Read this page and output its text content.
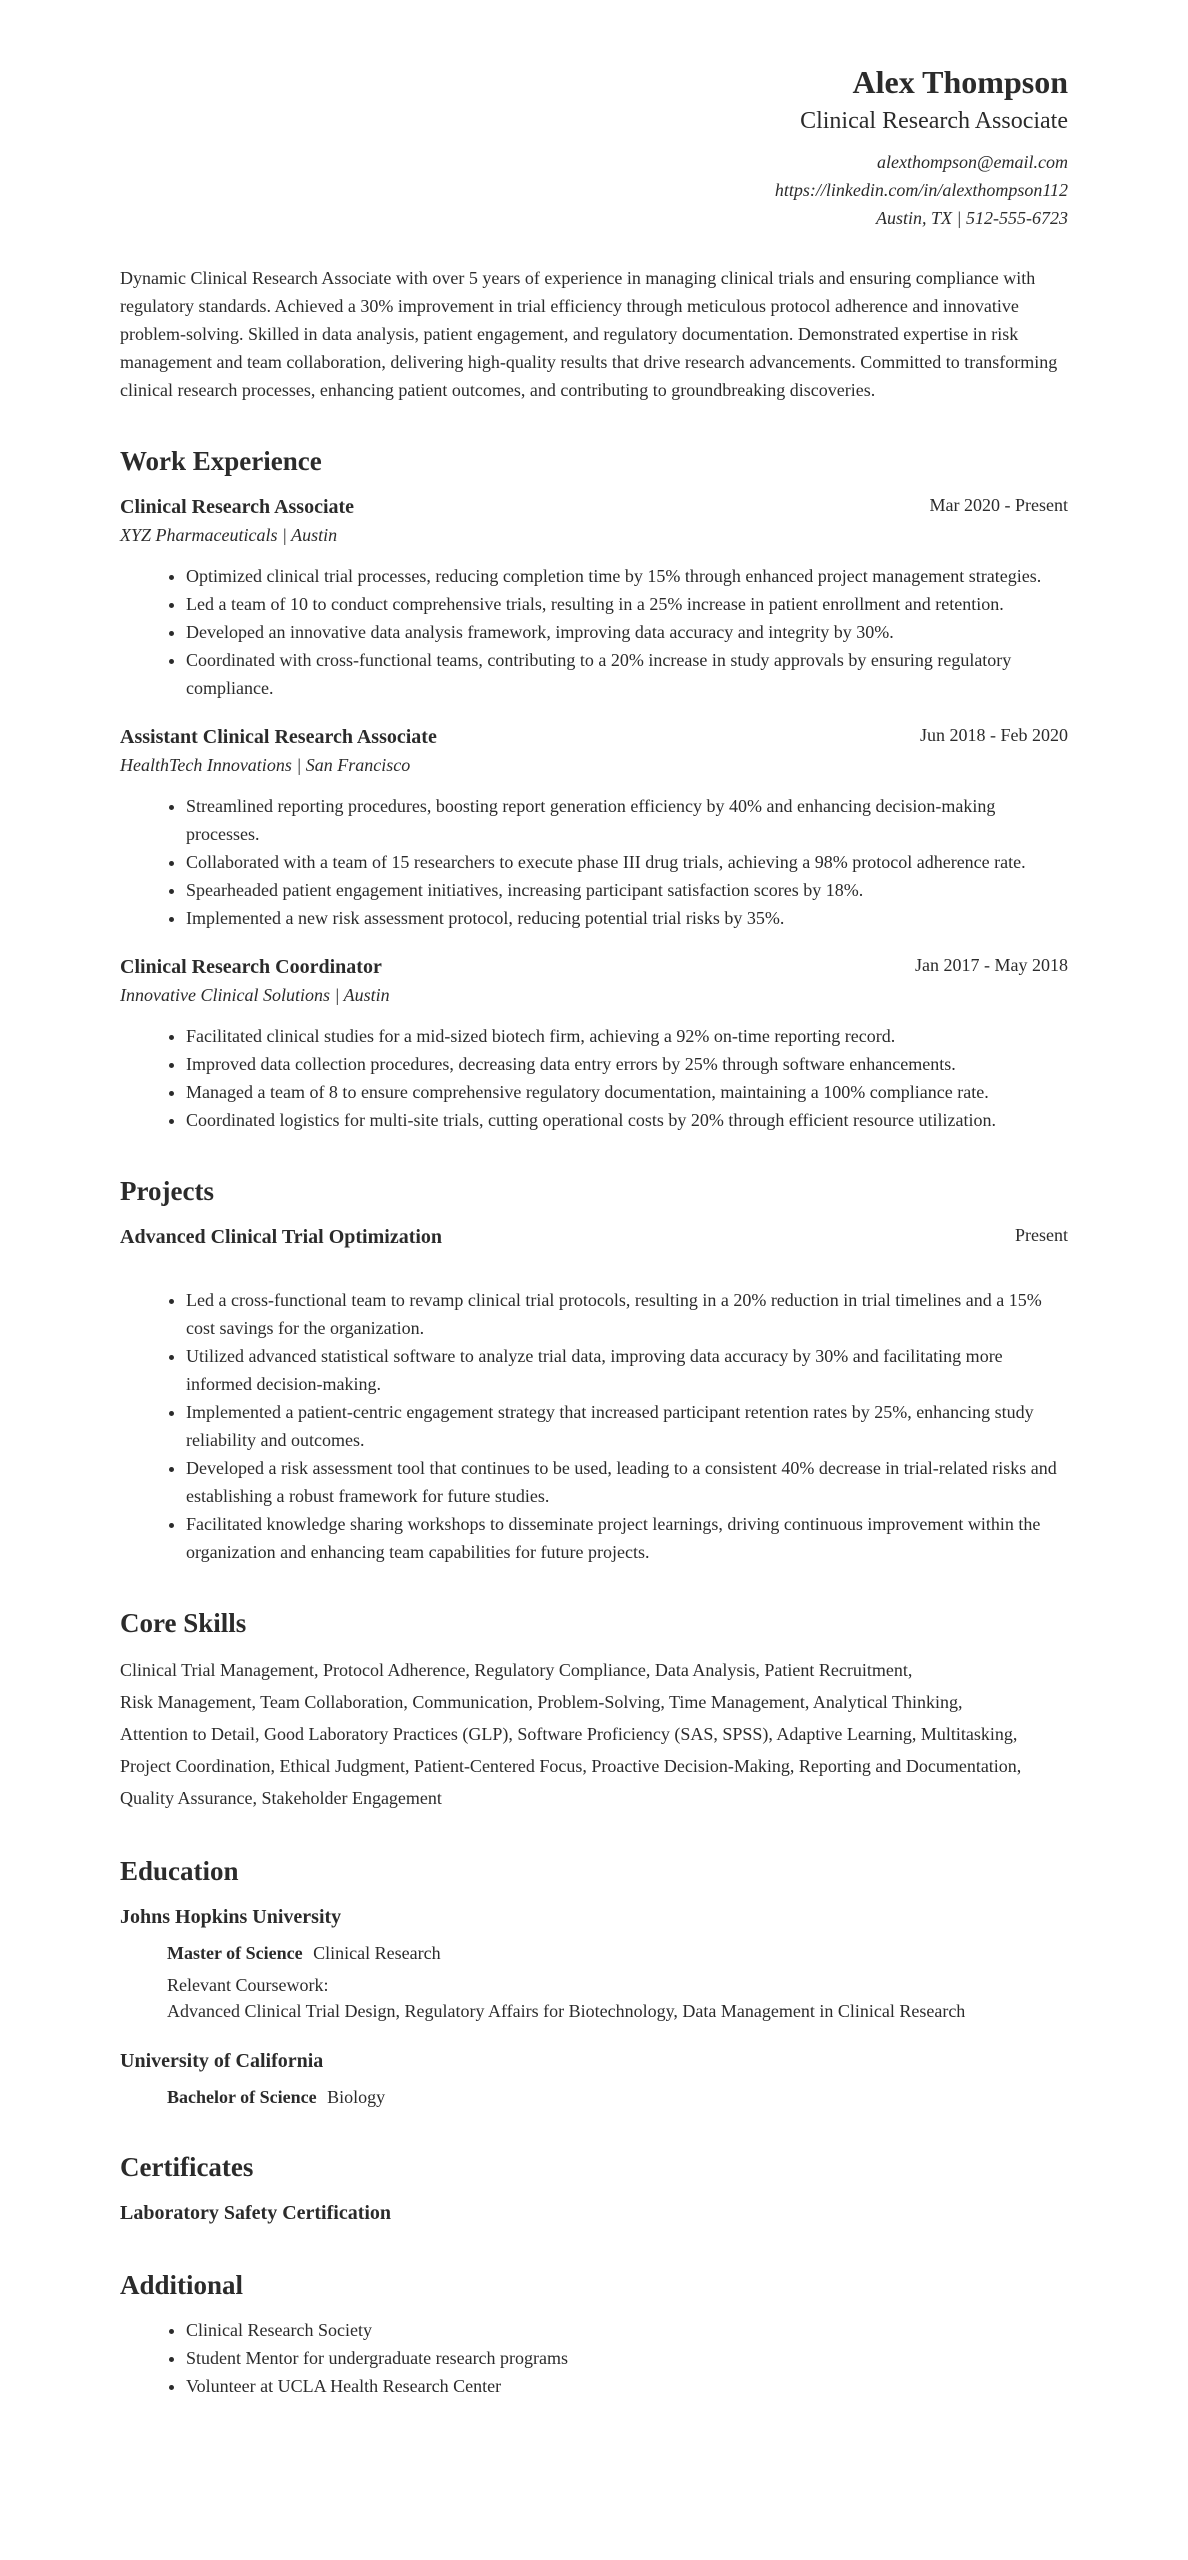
Alex Thompson
Clinical Research Associate
alexthompson@email.com
https://linkedin.com/in/alexthompson112
Austin, TX | 512-555-6723
Dynamic Clinical Research Associate with over 5 years of experience in managing clinical trials and ensuring compliance with regulatory standards. Achieved a 30% improvement in trial efficiency through meticulous protocol adherence and innovative problem-solving. Skilled in data analysis, patient engagement, and regulatory documentation. Demonstrated expertise in risk management and team collaboration, delivering high-quality results that drive research advancements. Committed to transforming clinical research processes, enhancing patient outcomes, and contributing to groundbreaking discoveries.
Work Experience
Clinical Research Associate	Mar 2020 - Present
XYZ Pharmaceuticals | Austin
• Optimized clinical trial processes, reducing completion time by 15% through enhanced project management strategies.
• Led a team of 10 to conduct comprehensive trials, resulting in a 25% increase in patient enrollment and retention.
• Developed an innovative data analysis framework, improving data accuracy and integrity by 30%.
• Coordinated with cross-functional teams, contributing to a 20% increase in study approvals by ensuring regulatory compliance.
Assistant Clinical Research Associate	Jun 2018 - Feb 2020
HealthTech Innovations | San Francisco
• Streamlined reporting procedures, boosting report generation efficiency by 40% and enhancing decision-making processes.
• Collaborated with a team of 15 researchers to execute phase III drug trials, achieving a 98% protocol adherence rate.
• Spearheaded patient engagement initiatives, increasing participant satisfaction scores by 18%.
• Implemented a new risk assessment protocol, reducing potential trial risks by 35%.
Clinical Research Coordinator	Jan 2017 - May 2018
Innovative Clinical Solutions | Austin
• Facilitated clinical studies for a mid-sized biotech firm, achieving a 92% on-time reporting record.
• Improved data collection procedures, decreasing data entry errors by 25% through software enhancements.
• Managed a team of 8 to ensure comprehensive regulatory documentation, maintaining a 100% compliance rate.
• Coordinated logistics for multi-site trials, cutting operational costs by 20% through efficient resource utilization.
Projects
Advanced Clinical Trial Optimization	Present
• Led a cross-functional team to revamp clinical trial protocols, resulting in a 20% reduction in trial timelines and a 15% cost savings for the organization.
• Utilized advanced statistical software to analyze trial data, improving data accuracy by 30% and facilitating more informed decision-making.
• Implemented a patient-centric engagement strategy that increased participant retention rates by 25%, enhancing study reliability and outcomes.
• Developed a risk assessment tool that continues to be used, leading to a consistent 40% decrease in trial-related risks and establishing a robust framework for future studies.
• Facilitated knowledge sharing workshops to disseminate project learnings, driving continuous improvement within the organization and enhancing team capabilities for future projects.
Core Skills
Clinical Trial Management, Protocol Adherence, Regulatory Compliance, Data Analysis, Patient Recruitment,
Risk Management, Team Collaboration, Communication, Problem-Solving, Time Management, Analytical Thinking,
Attention to Detail, Good Laboratory Practices (GLP), Software Proficiency (SAS, SPSS), Adaptive Learning, Multitasking,
Project Coordination, Ethical Judgment, Patient-Centered Focus, Proactive Decision-Making, Reporting and Documentation,
Quality Assurance, Stakeholder Engagement
Education
Johns Hopkins University
Master of Science Clinical Research
Relevant Coursework:
Advanced Clinical Trial Design, Regulatory Affairs for Biotechnology, Data Management in Clinical Research
University of California
Bachelor of Science Biology
Certificates
Laboratory Safety Certification
Additional
• Clinical Research Society
• Student Mentor for undergraduate research programs
• Volunteer at UCLA Health Research Center
